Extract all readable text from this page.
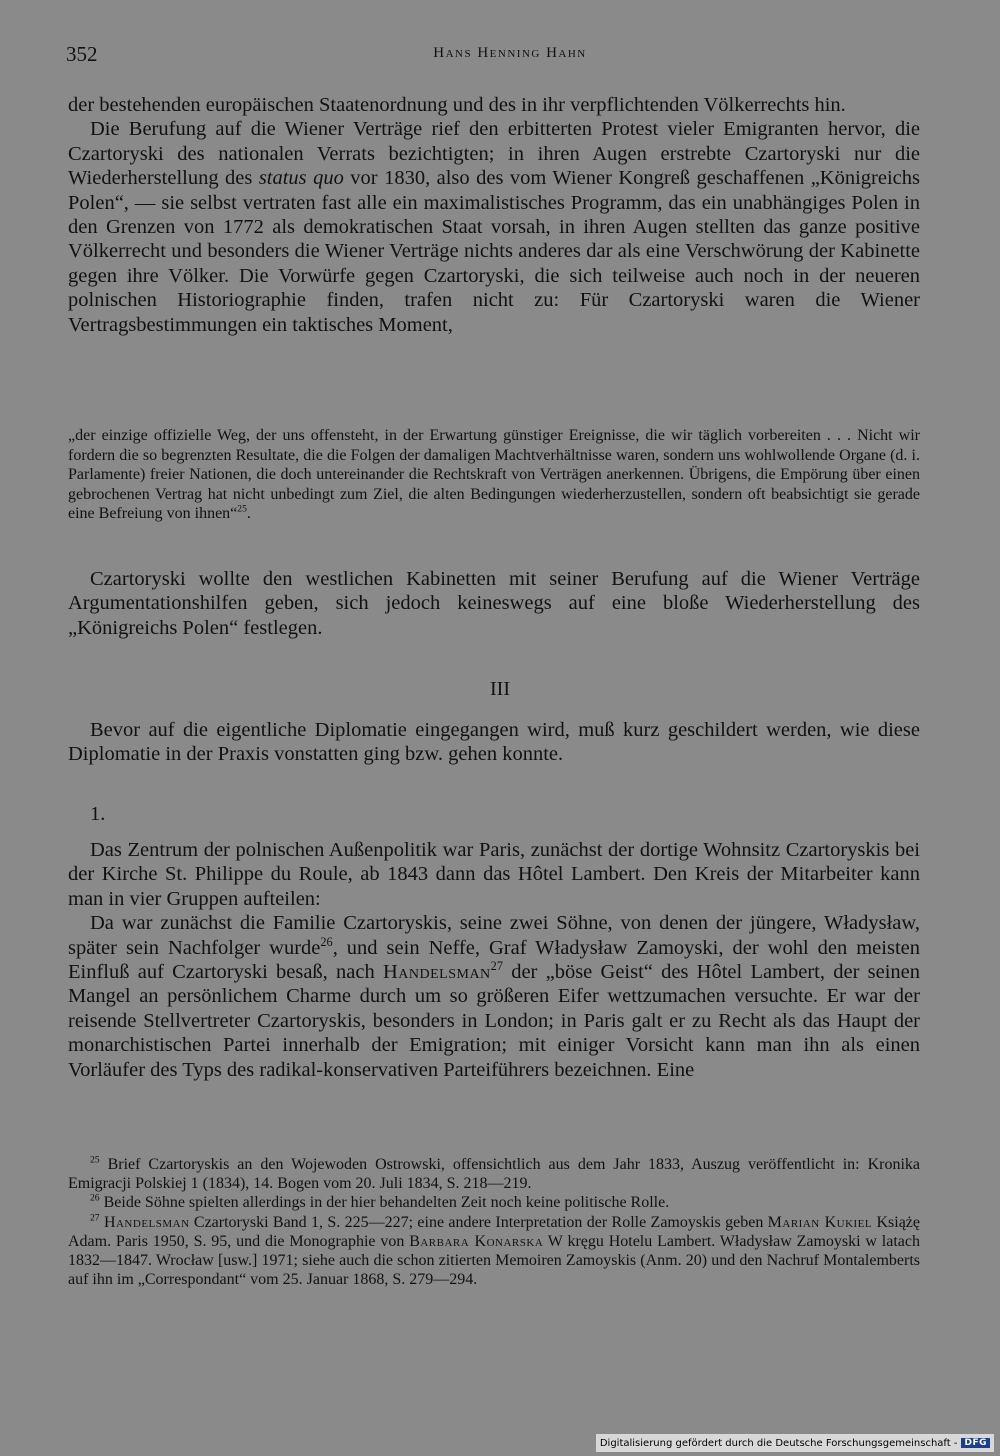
352	Hans Henning Hahn

der bestehenden europäischen Staatenordnung und des in ihr verpflichtenden Völkerrechts hin.

Die Berufung auf die Wiener Verträge rief den erbitterten Protest vieler Emigranten hervor, die Czartoryski des nationalen Verrats bezichtigten; in ihren Augen erstrebte Czartoryski nur die Wiederherstellung des status quo vor 1830, also des vom Wiener Kongreß geschaffenen „Königreichs Polen“, — sie selbst vertraten fast alle ein maximalistisches Programm, das ein unabhängiges Polen in den Grenzen von 1772 als demokratischen Staat vorsah, in ihren Augen stellten das ganze positive Völkerrecht und besonders die Wiener Verträge nichts anderes dar als eine Verschwörung der Kabinette gegen ihre Völker. Die Vorwürfe gegen Czartoryski, die sich teilweise auch noch in der neueren polnischen Historiographie finden, trafen nicht zu: Für Czartoryski waren die Wiener Vertragsbestimmungen ein taktisches Moment,

„der einzige offizielle Weg, der uns offensteht, in der Erwartung günstiger Ereignisse, die wir täglich vorbereiten . . . Nicht wir fordern die so begrenzten Resultate, die die Folgen der damaligen Machtverhältnisse waren, sondern uns wohlwollende Organe (d. i. Parlamente) freier Nationen, die doch untereinander die Rechtskraft von Verträgen anerkennen. Übrigens, die Empörung über einen gebrochenen Vertrag hat nicht unbedingt zum Ziel, die alten Bedingungen wiederherzustellen, sondern oft beabsichtigt sie gerade eine Befreiung von ihnen“$^{25}$.
Czartoryski wollte den westlichen Kabinetten mit seiner Berufung auf die Wiener Verträge Argumentationshilfen geben, sich jedoch keineswegs auf eine bloße Wiederherstellung des „Königreichs Polen“ festlegen.
III
Bevor auf die eigentliche Diplomatie eingegangen wird, muß kurz geschildert werden, wie diese Diplomatie in der Praxis vonstatten ging bzw. gehen konnte.
1.

Das Zentrum der polnischen Außenpolitik war Paris, zunächst der dortige Wohnsitz Czartoryskis bei der Kirche St. Philippe du Roule, ab 1843 dann das Hôtel Lambert. Den Kreis der Mitarbeiter kann man in vier Gruppen aufteilen:

Da war zunächst die Familie Czartoryskis, seine zwei Söhne, von denen der jüngere, Władysław, später sein Nachfolger wurde$^{26}$, und sein Neffe, Graf Władysław Zamoyski, der wohl den meisten Einfluß auf Czartoryski besaß, nach Handelsman$^{27}$ der „böse Geist“ des Hôtel Lambert, der seinen Mangel an persönlichem Charme durch um so größeren Eifer wettzumachen versuchte. Er war der reisende Stellvertreter Czartoryskis, besonders in London; in Paris galt er zu Recht als das Haupt der monarchistischen Partei innerhalb der Emigration; mit einiger Vorsicht kann man ihn als einen Vorläufer des Typs des radikal-konservativen Parteiführers bezeichnen. Eine

$^{25}$ Brief Czartoryskis an den Wojewoden Ostrowski, offensichtlich aus dem Jahr 1833, Auszug veröffentlicht in: Kronika Emigracji Polskiej 1 (1834), 14. Bogen vom 20. Juli 1834, S. 218—219.

$^{26}$ Beide Söhne spielten allerdings in der hier behandelten Zeit noch keine politische Rolle.

$^{27}$ Handelsman Czartoryski Band 1, S. 225—227; eine andere Interpretation der Rolle Zamoyskis geben Marian Kukiel Książę Adam. Paris 1950, S. 95, und die Monographie von Barbara Konarska W kręgu Hotelu Lambert. Władysław Zamoyski w latach 1832—1847. Wrocław [usw.] 1971; siehe auch die schon zitierten Memoiren Zamoyskis (Anm. 20) und den Nachruf Montalemberts auf ihn im „Correspondant“ vom 25. Januar 1868, S. 279—294.

Digitalisierung gefördert durch die Deutsche Forschungsgemeinschaft - DFG
